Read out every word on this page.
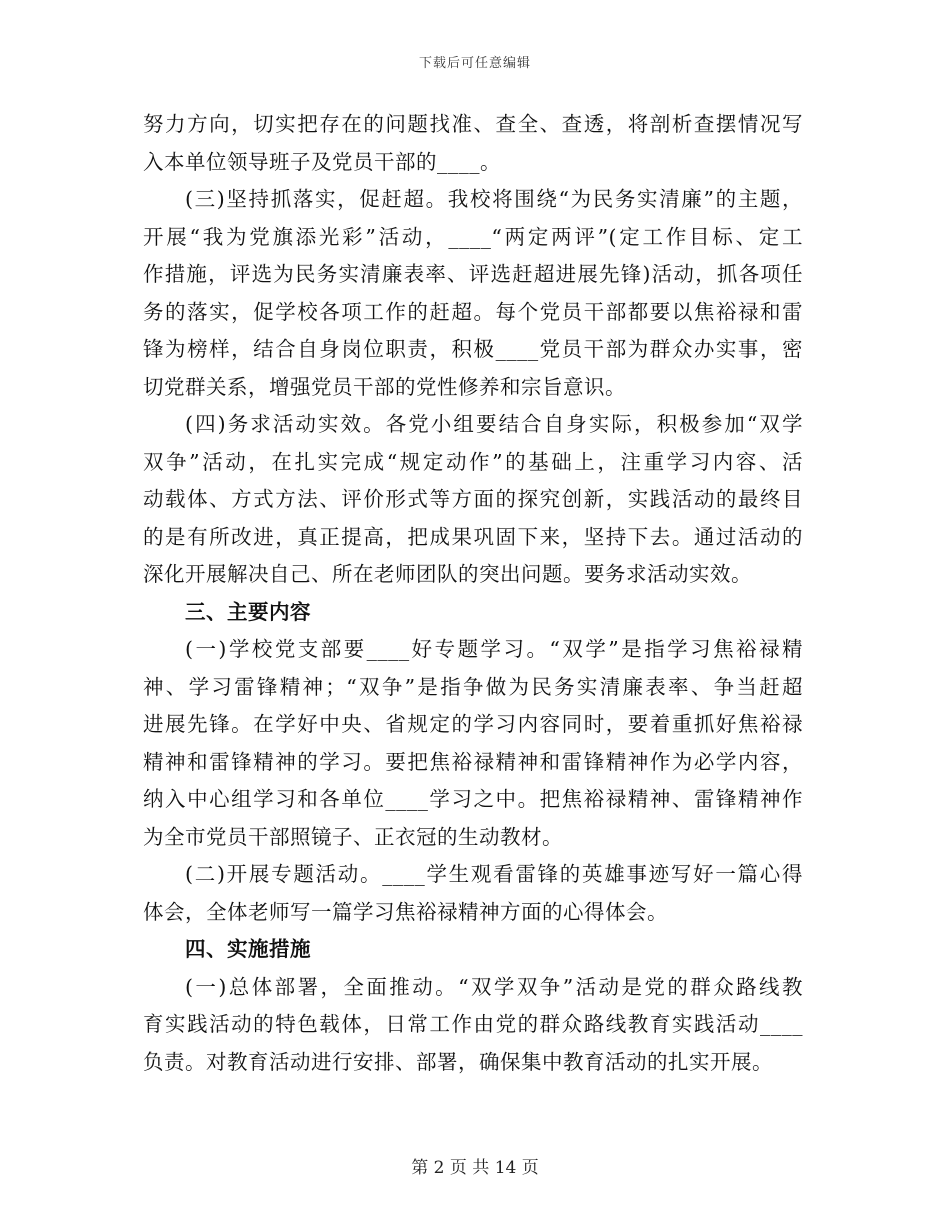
下载后可任意编辑
努力方向，切实把存在的问题找准、查全、查透，将剖析查摆情况写
入本单位领导班子及党员干部的____。
(三)坚持抓落实，促赶超。我校将围绕“为民务实清廉”的主题，
开展“我为党旗添光彩”活动，____“两定两评”(定工作目标、定工
作措施，评选为民务实清廉表率、评选赶超进展先锋)活动，抓各项任
务的落实，促学校各项工作的赶超。每个党员干部都要以焦裕禄和雷
锋为榜样，结合自身岗位职责，积极____党员干部为群众办实事，密
切党群关系，增强党员干部的党性修养和宗旨意识。
(四)务求活动实效。各党小组要结合自身实际，积极参加“双学
双争”活动，在扎实完成“规定动作”的基础上，注重学习内容、活
动载体、方式方法、评价形式等方面的探究创新，实践活动的最终目
的是有所改进，真正提高，把成果巩固下来，坚持下去。通过活动的
深化开展解决自己、所在老师团队的突出问题。要务求活动实效。
三、主要内容
(一)学校党支部要____好专题学习。“双学”是指学习焦裕禄精
神、学习雷锋精神；“双争”是指争做为民务实清廉表率、争当赶超
进展先锋。在学好中央、省规定的学习内容同时，要着重抓好焦裕禄
精神和雷锋精神的学习。要把焦裕禄精神和雷锋精神作为必学内容，
纳入中心组学习和各单位____学习之中。把焦裕禄精神、雷锋精神作
为全市党员干部照镜子、正衣冠的生动教材。
(二)开展专题活动。____学生观看雷锋的英雄事迹写好一篇心得
体会，全体老师写一篇学习焦裕禄精神方面的心得体会。
四、实施措施
(一)总体部署，全面推动。“双学双争”活动是党的群众路线教
育实践活动的特色载体，日常工作由党的群众路线教育实践活动____
负责。对教育活动进行安排、部署，确保集中教育活动的扎实开展。
第 2 页 共 14 页
